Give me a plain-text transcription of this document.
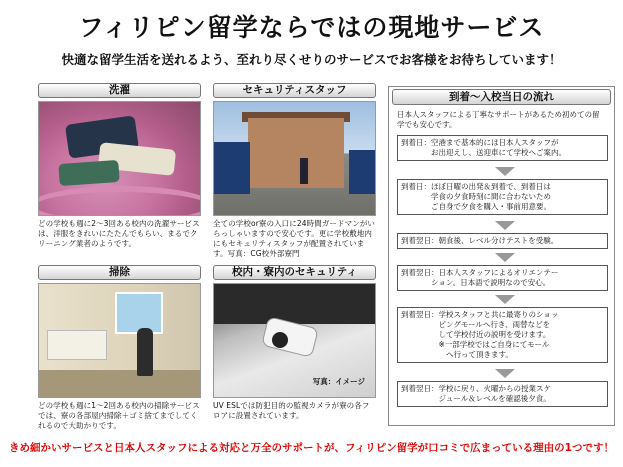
フィリピン留学ならではの現地サービス
快適な留学生活を送れるよう、至れり尽くせりのサービスでお客様をお待ちしています！
洗濯
どの学校も週に2〜3回ある校内の洗濯サービスは、洋服をきれいにたたんでもらい、まるでクリーニング業者のようです。
セキュリティスタッフ
全ての学校or寮の入口に24時間ガードマンがいらっしゃいますので安心です。更に学校敷地内にもセキュリティスタッフが配置されています。写真：CG校外部寮門
掃除
どの学校も週に1〜2回ある校内の掃除サービスでは、寮の各部屋内掃除＋ゴミ捨てまでしてくれるので大助かりです。
校内・寮内のセキュリティ
写真：イメージ
UV ESLでは防犯目的の監視カメラが寮の各フロアに設置されています。
到着〜入校当日の流れ
日本人スタッフによる丁寧なサポートがあるため初めての留学でも安心です。
到着日：空港まで基本的には日本人スタッフが
　　　　お出迎えし、送迎車にて学校へご案内。
到着日：ほぼ日曜の出発＆到着で、到着日は
　　　　学食の夕食時刻に間に合わないため
　　　　ご自身で夕食を購入・事前用意要。
到着翌日：朝食後、レベル分けテストを受験。
到着翌日：日本人スタッフによるオリエンテー
　　　　ション。日本語で説明なので安心。
到着翌日：学校スタッフと共に最寄りのショッ
　　　　　ピングモールへ行き、両替などを
　　　　　して学校付近の説明を受けます。
　　　　　※一部学校ではご自身にてモール
　　　　　　へ行って頂きます。
到着翌日：学校に戻り、火曜からの授業スケ
　　　　　ジュール＆レベルを確認後夕食。
きめ細かいサービスと日本人スタッフによる対応と万全のサポートが、フィリピン留学が口コミで広まっている理由の1つです！
